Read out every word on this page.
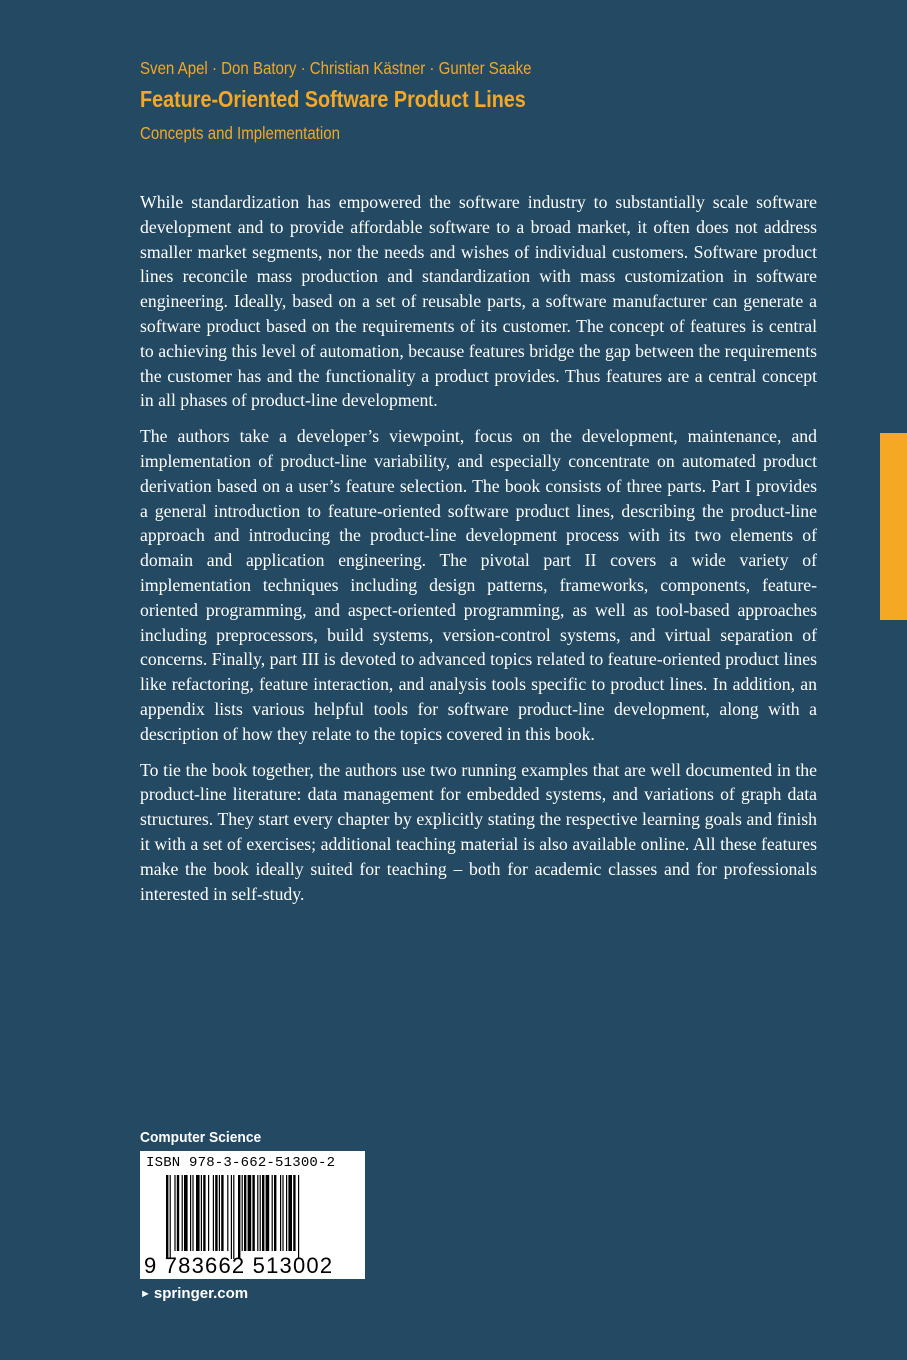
Sven Apel · Don Batory · Christian Kästner · Gunter Saake
Feature-Oriented Software Product Lines
Concepts and Implementation

While standardization has empowered the software industry to substantially scale software development and to provide affordable software to a broad market, it often does not address smaller market segments, nor the needs and wishes of individual customers. Software product lines reconcile mass production and standardization with mass customization in software engineering. Ideally, based on a set of reusable parts, a software manufacturer can generate a software product based on the requirements of its customer. The concept of features is central to achieving this level of automation, because features bridge the gap between the requirements the customer has and the functionality a product provides. Thus features are a central concept in all phases of product-line development.

The authors take a developer’s viewpoint, focus on the development, maintenance, and implementation of product-line variability, and especially concentrate on automated product derivation based on a user’s feature selection. The book consists of three parts. Part I provides a general introduction to feature-oriented software product lines, describing the product-line approach and introducing the product-line development process with its two elements of domain and application engineering. The pivotal part II covers a wide variety of implementation techniques including design patterns, frameworks, components, feature-oriented programming, and aspect-oriented programming, as well as tool-based approaches including preprocessors, build systems, version-control systems, and virtual separation of concerns. Finally, part III is devoted to advanced topics related to feature-oriented product lines like refactoring, feature interaction, and analysis tools specific to product lines. In addition, an appendix lists various helpful tools for software product-line development, along with a description of how they relate to the topics covered in this book.

To tie the book together, the authors use two running examples that are well documented in the product-line literature: data management for embedded systems, and variations of graph data structures. They start every chapter by explicitly stating the respective learning goals and finish it with a set of exercises; additional teaching material is also available online. All these features make the book ideally suited for teaching – both for academic classes and for professionals interested in self-study.

Computer Science
ISBN 978-3-662-51300-2
9 783662 513002
► springer.com
